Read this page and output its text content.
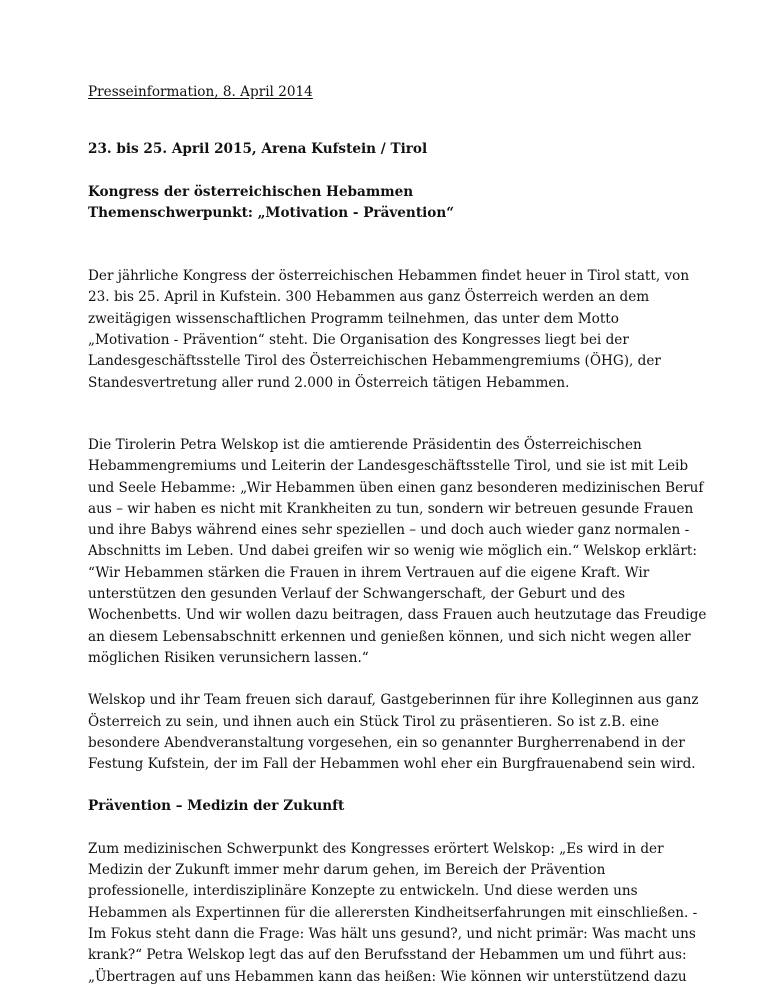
Presseinformation, 8. April 2014
23. bis 25. April 2015, Arena Kufstein / Tirol
Kongress der österreichischen Hebammen
Themenschwerpunkt: „Motivation - Prävention“

Der jährliche Kongress der österreichischen Hebammen findet heuer in Tirol statt, von
23. bis 25. April in Kufstein. 300 Hebammen aus ganz Österreich werden an dem
zweitägigen wissenschaftlichen Programm teilnehmen, das unter dem Motto
„Motivation - Prävention“ steht. Die Organisation des Kongresses liegt bei der
Landesgeschäftsstelle Tirol des Österreichischen Hebammengremiums (ÖHG), der
Standesvertretung aller rund 2.000 in Österreich tätigen Hebammen.

Die Tirolerin Petra Welskop ist die amtierende Präsidentin des Österreichischen
Hebammengremiums und Leiterin der Landesgeschäftsstelle Tirol, und sie ist mit Leib
und Seele Hebamme: „Wir Hebammen üben einen ganz besonderen medizinischen Beruf
aus – wir haben es nicht mit Krankheiten zu tun, sondern wir betreuen gesunde Frauen
und ihre Babys während eines sehr speziellen – und doch auch wieder ganz normalen -
Abschnitts im Leben. Und dabei greifen wir so wenig wie möglich ein.“ Welskop erklärt:
“Wir Hebammen stärken die Frauen in ihrem Vertrauen auf die eigene Kraft. Wir
unterstützen den gesunden Verlauf der Schwangerschaft, der Geburt und des
Wochenbetts. Und wir wollen dazu beitragen, dass Frauen auch heutzutage das Freudige
an diesem Lebensabschnitt erkennen und genießen können, und sich nicht wegen aller
möglichen Risiken verunsichern lassen.“

Welskop und ihr Team freuen sich darauf, Gastgeberinnen für ihre Kolleginnen aus ganz
Österreich zu sein, und ihnen auch ein Stück Tirol zu präsentieren. So ist z.B. eine
besondere Abendveranstaltung vorgesehen, ein so genannter Burgherrenabend in der
Festung Kufstein, der im Fall der Hebammen wohl eher ein Burgfrauenabend sein wird.

Prävention – Medizin der Zukunft

Zum medizinischen Schwerpunkt des Kongresses erörtert Welskop: „Es wird in der
Medizin der Zukunft immer mehr darum gehen, im Bereich der Prävention
professionelle, interdisziplinäre Konzepte zu entwickeln. Und diese werden uns
Hebammen als Expertinnen für die allerersten Kindheitserfahrungen mit einschließen. -
Im Fokus steht dann die Frage: Was hält uns gesund?, und nicht primär: Was macht uns
krank?“ Petra Welskop legt das auf den Berufsstand der Hebammen um und führt aus:
„Übertragen auf uns Hebammen kann das heißen: Wie können wir unterstützend dazu
